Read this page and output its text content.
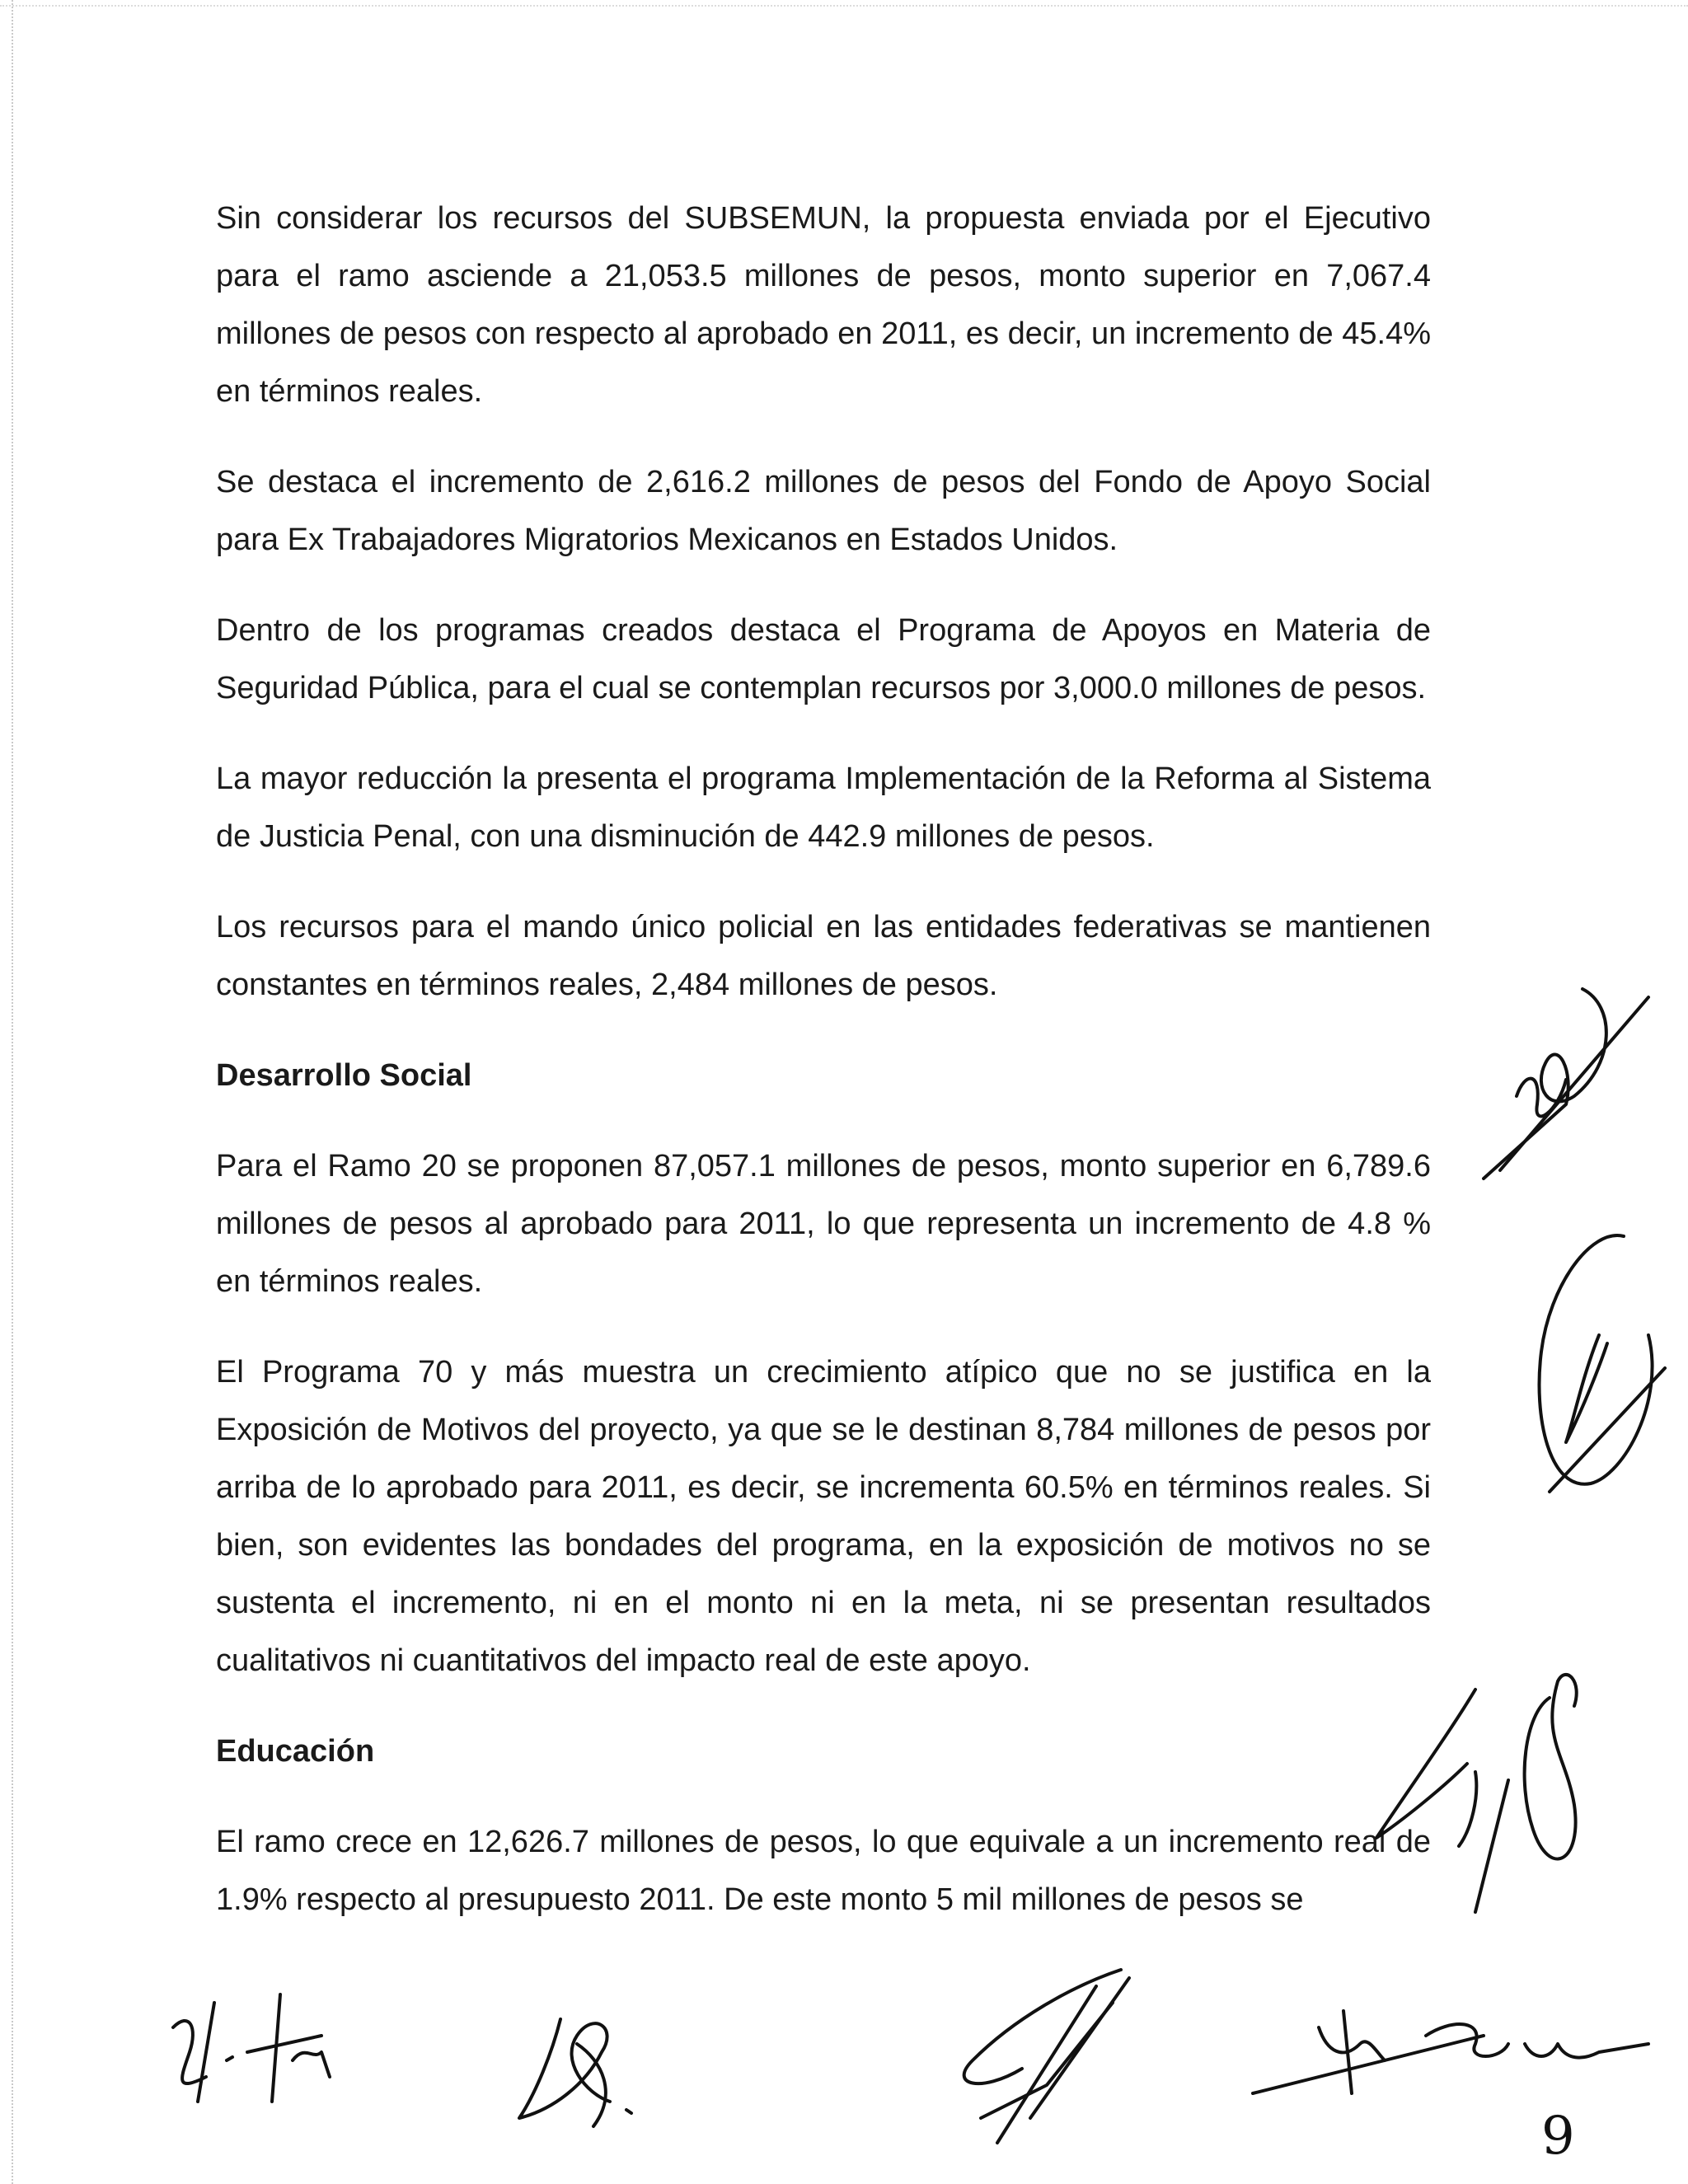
Sin considerar los recursos del SUBSEMUN, la propuesta enviada por el Ejecutivo para el ramo asciende a 21,053.5 millones de pesos, monto superior en 7,067.4 millones de pesos con respecto al aprobado en 2011, es decir, un incremento de 45.4% en términos reales.

Se destaca el incremento de 2,616.2 millones de pesos del Fondo de Apoyo Social para Ex Trabajadores Migratorios Mexicanos en Estados Unidos.

Dentro de los programas creados destaca el Programa de Apoyos en Materia de Seguridad Pública, para el cual se contemplan recursos por 3,000.0 millones de pesos.

La mayor reducción la presenta el programa Implementación de la Reforma al Sistema de Justicia Penal, con una disminución de 442.9 millones de pesos.

Los recursos para el mando único policial en las entidades federativas se mantienen constantes en términos reales, 2,484 millones de pesos.

Desarrollo Social

Para el Ramo 20 se proponen 87,057.1 millones de pesos, monto superior en 6,789.6 millones de pesos al aprobado para 2011, lo que representa un incremento de 4.8 % en términos reales.

El Programa 70 y más muestra un crecimiento atípico que no se justifica en la Exposición de Motivos del proyecto, ya que se le destinan 8,784 millones de pesos por arriba de lo aprobado para 2011, es decir, se incrementa 60.5% en términos reales. Si bien, son evidentes las bondades del programa, en la exposición de motivos no se sustenta el incremento, ni en el monto ni en la meta, ni se presentan resultados cualitativos ni cuantitativos del impacto real de este apoyo.

Educación

El ramo crece en 12,626.7 millones de pesos, lo que equivale a un incremento real de 1.9% respecto al presupuesto 2011. De este monto 5 mil millones de pesos se

9
